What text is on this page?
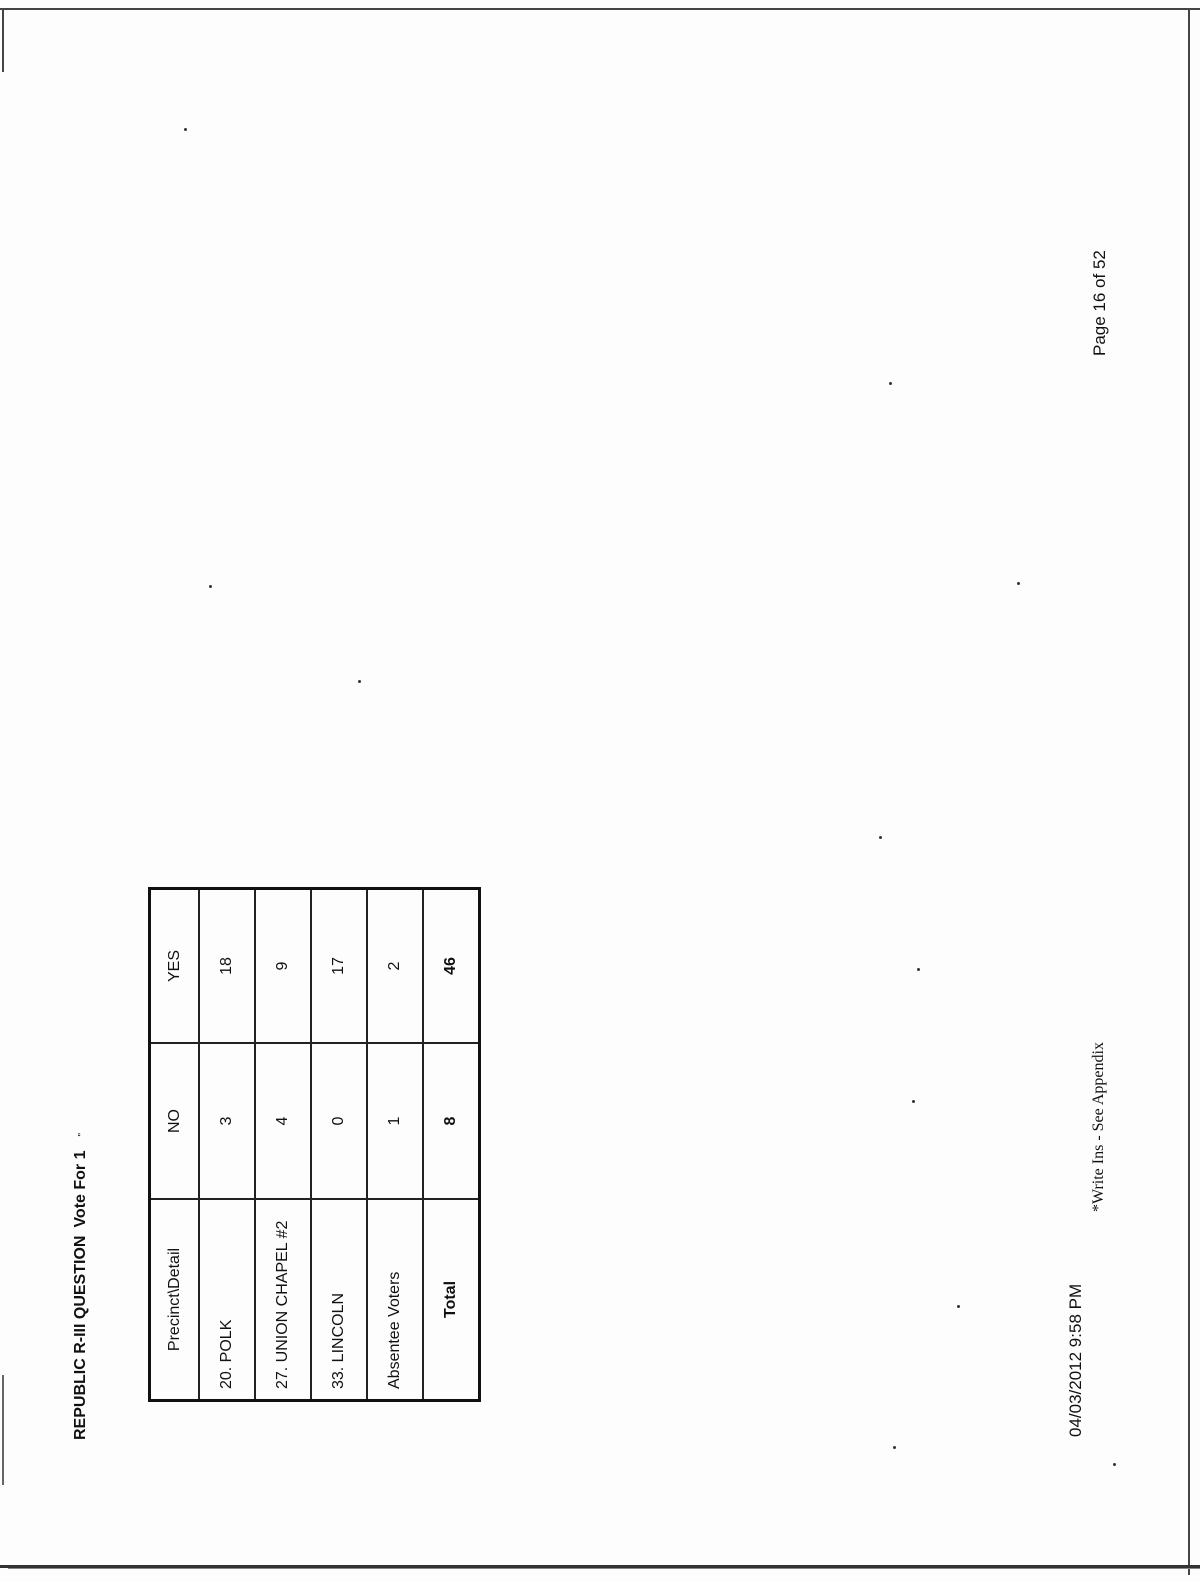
REPUBLIC R-III QUESTIONVote For 1"
Precinct\Detail	NO	YES
20. POLK	3	18
27. UNION CHAPEL #2	4	9
33. LINCOLN	0	17
Absentee Voters	1	2
Total	8	46
04/03/2012 9:58 PM
*Write Ins - See Appendix
Page 16 of 52
